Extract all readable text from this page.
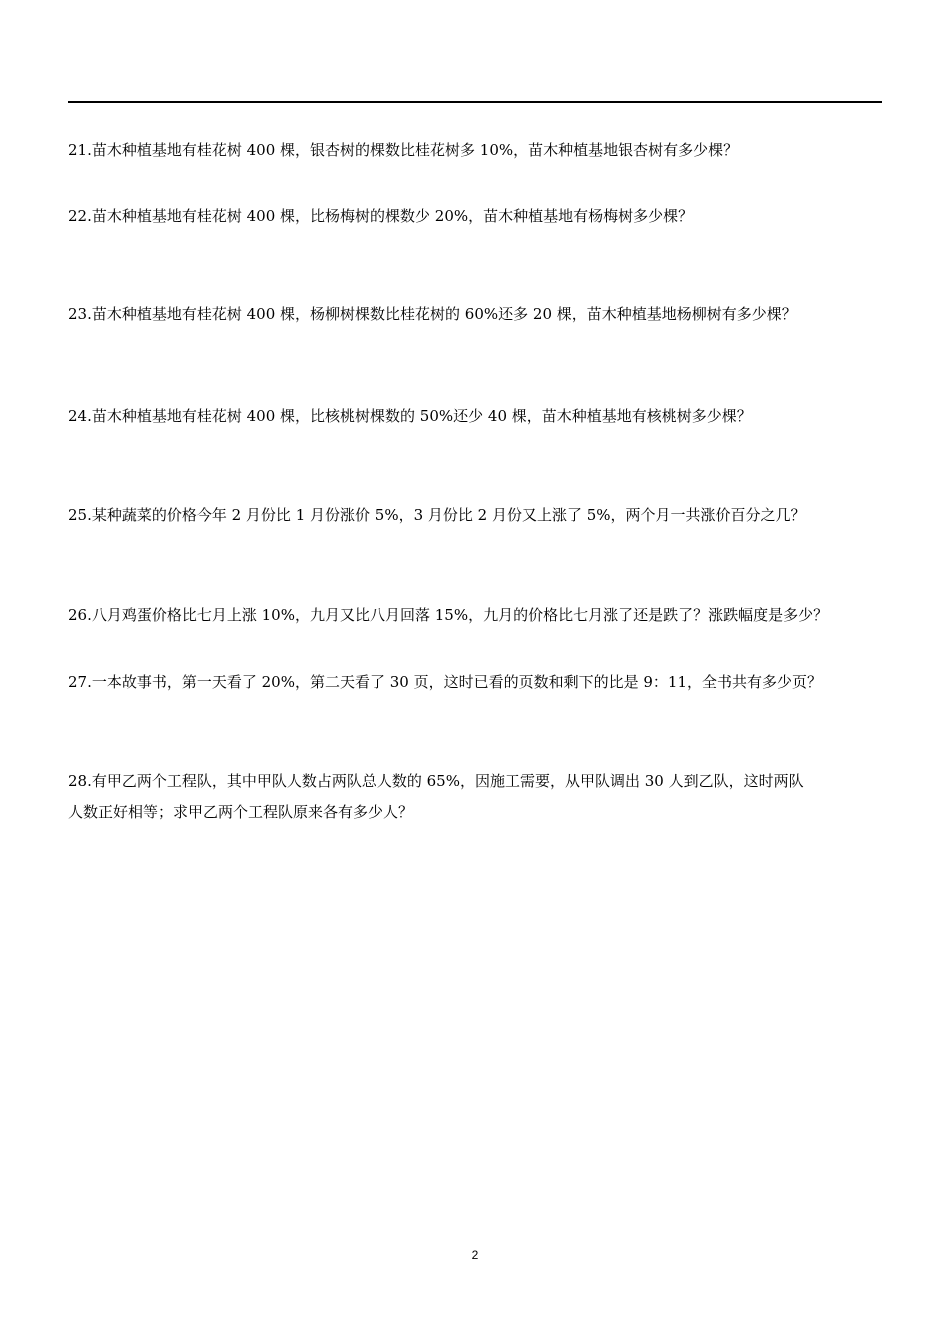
21.苗木种植基地有桂花树 400 棵，银杏树的棵数比桂花树多 10%，苗木种植基地银杏树有多少棵？
22.苗木种植基地有桂花树 400 棵，比杨梅树的棵数少 20%，苗木种植基地有杨梅树多少棵？
23.苗木种植基地有桂花树 400 棵，杨柳树棵数比桂花树的 60%还多 20 棵，苗木种植基地杨柳树有多少棵？
24.苗木种植基地有桂花树 400 棵，比核桃树棵数的 50%还少 40 棵，苗木种植基地有核桃树多少棵？
25.某种蔬菜的价格今年 2 月份比 1 月份涨价 5%，3 月份比 2 月份又上涨了 5%，两个月一共涨价百分之几？
26.八月鸡蛋价格比七月上涨 10%，九月又比八月回落 15%，九月的价格比七月涨了还是跌了？涨跌幅度是多少？
27.一本故事书，第一天看了 20%，第二天看了 30 页，这时已看的页数和剩下的比是 9：11，全书共有多少页？
28.有甲乙两个工程队，其中甲队人数占两队总人数的 65%，因施工需要，从甲队调出 30 人到乙队，这时两队
人数正好相等；求甲乙两个工程队原来各有多少人？
2
